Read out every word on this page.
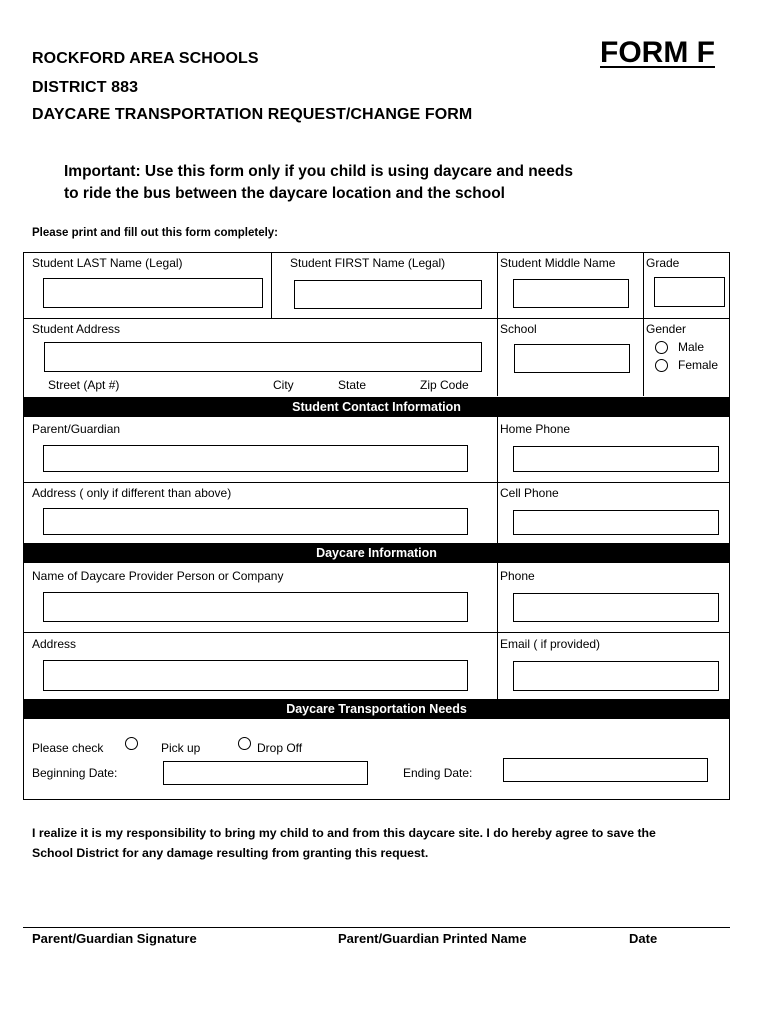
ROCKFORD AREA SCHOOLS
DISTRICT 883
DAYCARE TRANSPORTATION REQUEST/CHANGE FORM
FORM F
Important: Use this form only if you child is using daycare and needs
to ride the bus between the daycare location and the school
Please print and fill out this form completely:
Student LAST Name (Legal)	Student FIRST Name (Legal)	Student Middle Name	Grade
Student Address	School	Gender
Male
Female
Street (Apt #)	City	State	Zip Code
Student Contact Information
Parent/Guardian	Home Phone
Address ( only if different than above)	Cell Phone
Daycare Information
Name of Daycare Provider Person or Company	Phone
Address	Email ( if provided)
Daycare Transportation Needs
Please check	Pick up	Drop Off
Beginning Date:	Ending Date:
I realize it is my responsibility to bring my child to and from this daycare site. I do hereby agree to save the
School District for any damage resulting from granting this request.
Parent/Guardian Signature	Parent/Guardian Printed Name	Date
